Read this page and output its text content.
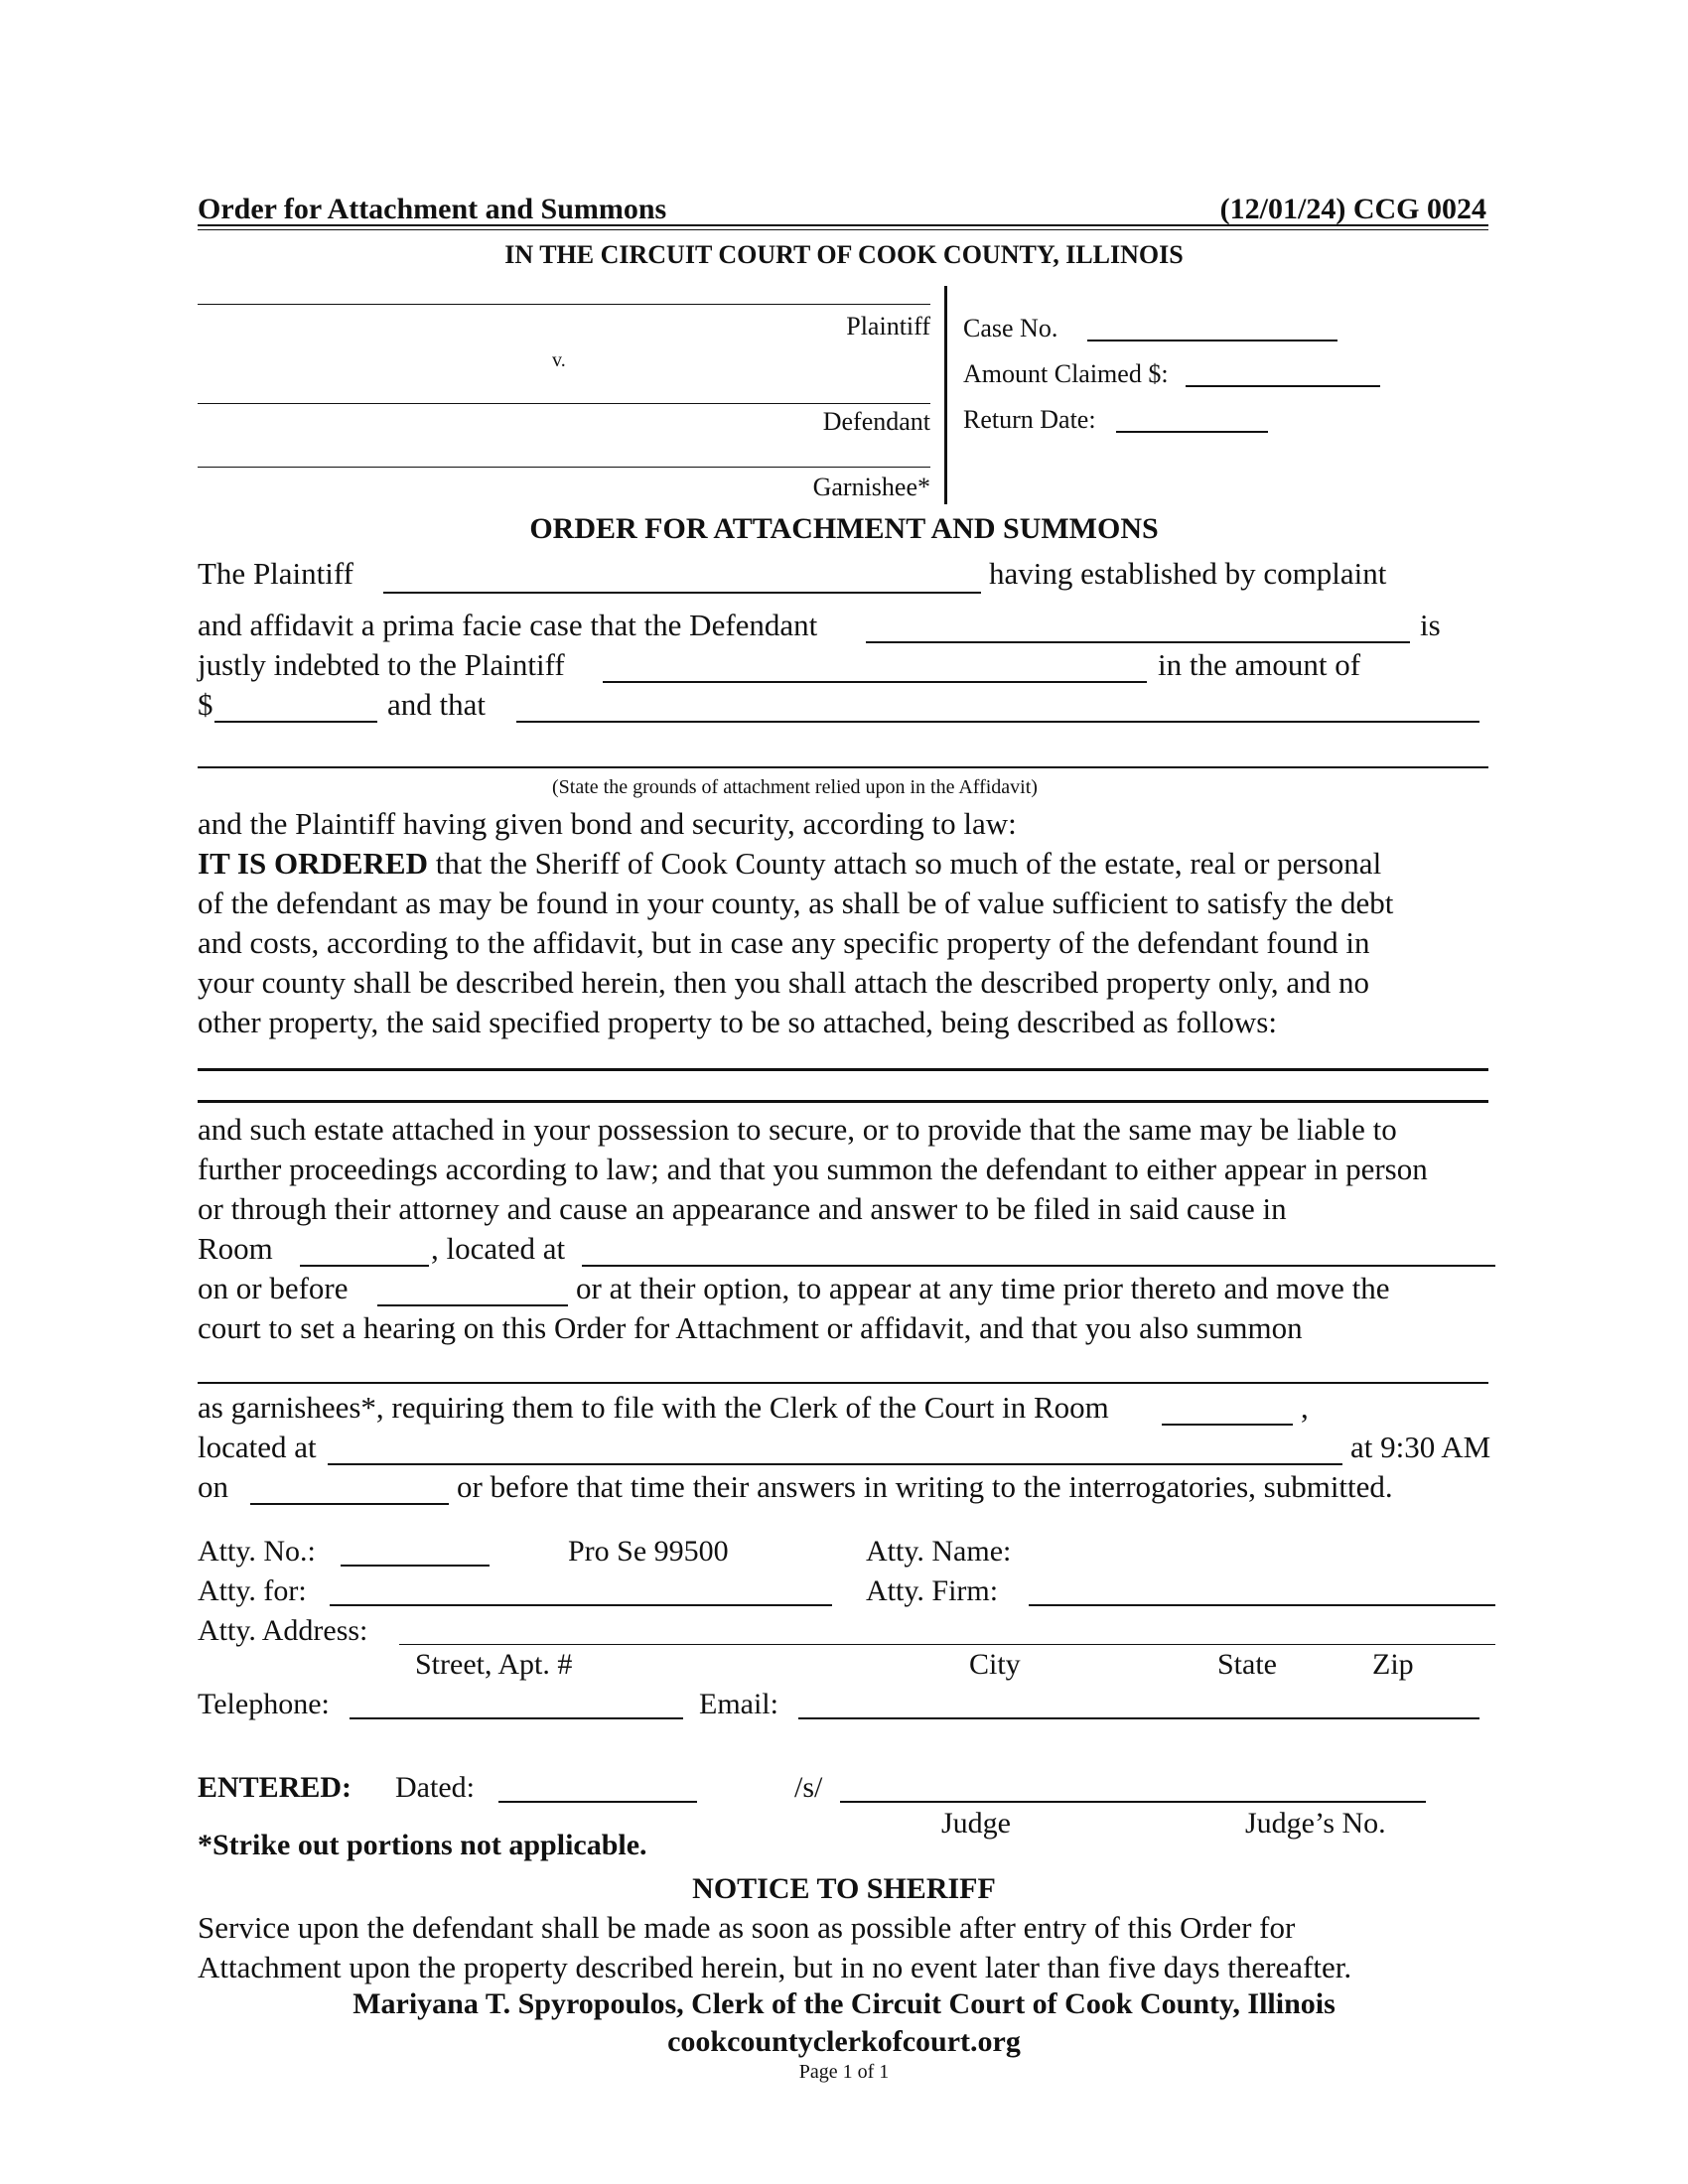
Order for Attachment and Summons	(12/01/24) CCG 0024
IN THE CIRCUIT COURT OF COOK COUNTY, ILLINOIS
Plaintiff
v.
Defendant
Garnishee*
Case No.
Amount Claimed $:
Return Date:
ORDER FOR ATTACHMENT AND SUMMONS
The Plaintiff	having established by complaint
and affidavit a prima facie case that the Defendant	is
justly indebted to the Plaintiff	in the amount of
$	and that
(State the grounds of attachment relied upon in the Affidavit)
and the Plaintiff having given bond and security, according to law:
IT IS ORDERED that the Sheriff of Cook County attach so much of the estate, real or personal
of the defendant as may be found in your county, as shall be of value sufficient to satisfy the debt
and costs, according to the affidavit, but in case any specific property of the defendant found in
your county shall be described herein, then you shall attach the described property only, and no
other property, the said specified property to be so attached, being described as follows:
and such estate attached in your possession to secure, or to provide that the same may be liable to
further proceedings according to law; and that you summon the defendant to either appear in person
or through their attorney and cause an appearance and answer to be filed in said cause in
Room	, located at
on or before	or at their option, to appear at any time prior thereto and move the
court to set a hearing on this Order for Attachment or affidavit, and that you also summon
as garnishees*, requiring them to file with the Clerk of the Court in Room	,
located at	at 9:30 AM
on	or before that time their answers in writing to the interrogatories, submitted.
Atty. No.:	Pro Se 99500	Atty. Name:
Atty. for:	Atty. Firm:
Atty. Address:
Street, Apt. #	City	State	Zip
Telephone:	Email:
ENTERED: Dated:	/s/
Judge	Judge’s No.
*Strike out portions not applicable.
NOTICE TO SHERIFF
Service upon the defendant shall be made as soon as possible after entry of this Order for
Attachment upon the property described herein, but in no event later than five days thereafter.
Mariyana T. Spyropoulos, Clerk of the Circuit Court of Cook County, Illinois
cookcountyclerkofcourt.org
Page 1 of 1
